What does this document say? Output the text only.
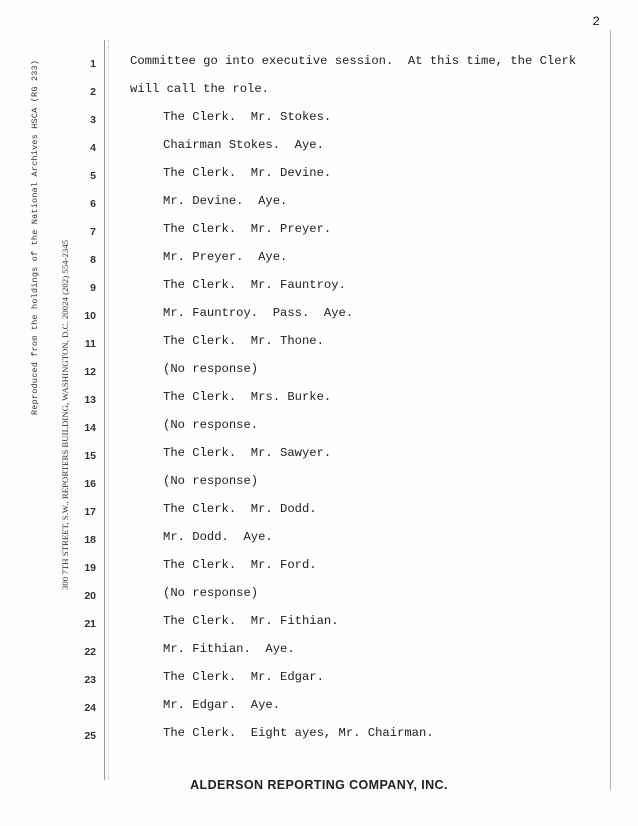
2
Reproduced from the holdings of the National Archives HSCA (RG 233) 300 7TH STREET, S.W., REPORTERS BUILDING, WASHINGTON, D.C. 20024 (202) 554-2345
1	Committee go into executive session.  At this time, the Clerk
2	will call the role.
3	The Clerk.  Mr. Stokes.
4	Chairman Stokes.  Aye.
5	The Clerk.  Mr. Devine.
6	Mr. Devine.  Aye.
7	The Clerk.  Mr. Preyer.
8	Mr. Preyer.  Aye.
9	The Clerk.  Mr. Fauntroy.
10	Mr. Fauntroy.  Pass.  Aye.
11	The Clerk.  Mr. Thone.
12	(No response)
13	The Clerk.  Mrs. Burke.
14	(No response.
15	The Clerk.  Mr. Sawyer.
16	(No response)
17	The Clerk.  Mr. Dodd.
18	Mr. Dodd.  Aye.
19	The Clerk.  Mr. Ford.
20	(No response)
21	The Clerk.  Mr. Fithian.
22	Mr. Fithian.  Aye.
23	The Clerk.  Mr. Edgar.
24	Mr. Edgar.  Aye.
25	The Clerk.  Eight ayes, Mr. Chairman.
ALDERSON REPORTING COMPANY, INC.
